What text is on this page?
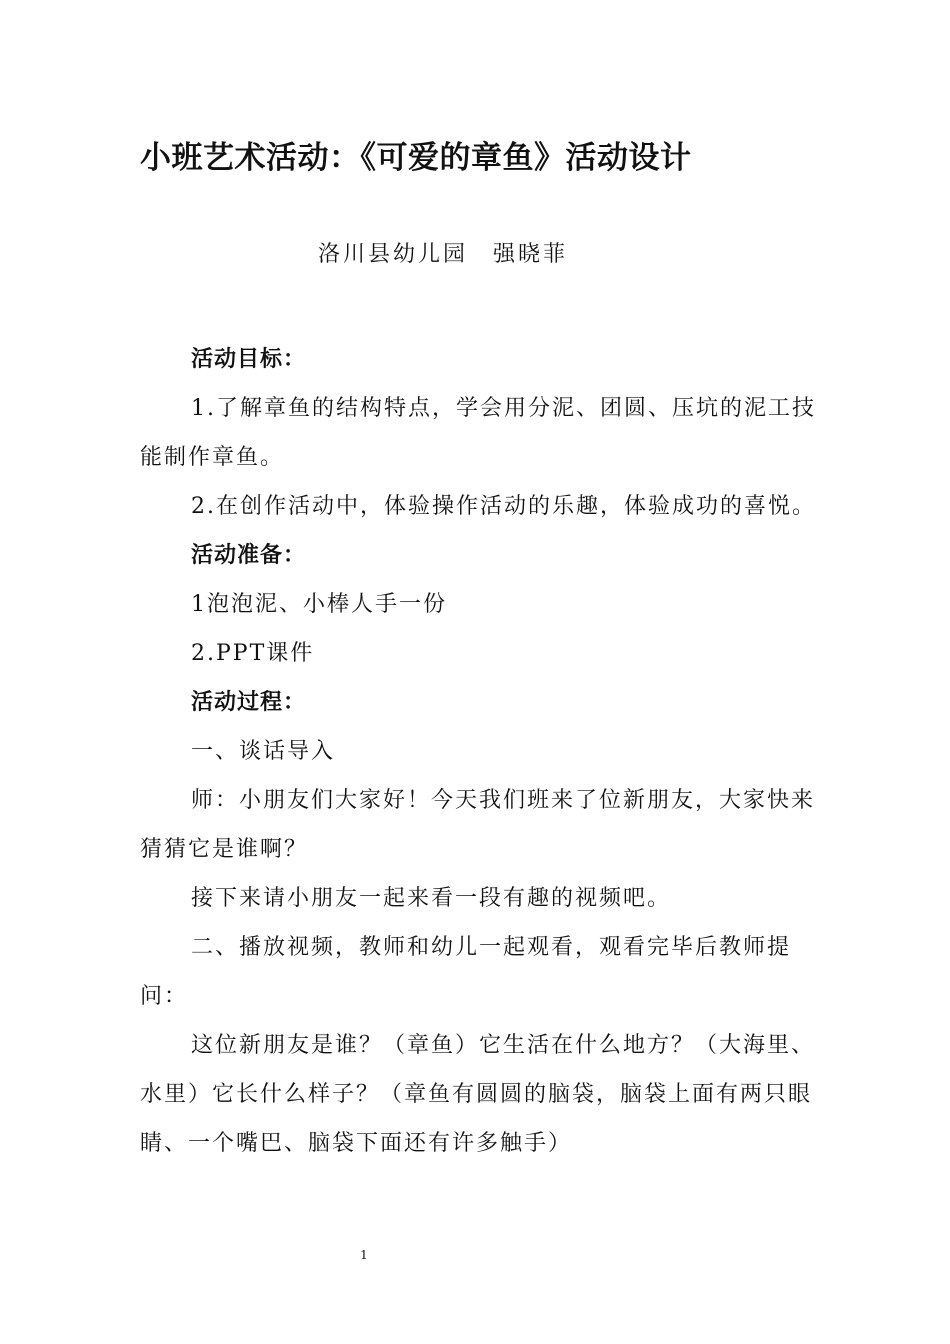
小班艺术活动：《可爱的章鱼》活动设计
洛川县幼儿园　强晓菲

活动目标：

1.了解章鱼的结构特点，学会用分泥、团圆、压坑的泥工技能制作章鱼。

2.在创作活动中，体验操作活动的乐趣，体验成功的喜悦。

活动准备：

1泡泡泥、小棒人手一份

2.PPT课件

活动过程：

一、谈话导入

师：小朋友们大家好！今天我们班来了位新朋友，大家快来猜猜它是谁啊？

接下来请小朋友一起来看一段有趣的视频吧。

二、播放视频，教师和幼儿一起观看，观看完毕后教师提问：

这位新朋友是谁？（章鱼）它生活在什么地方？（大海里、水里）它长什么样子？（章鱼有圆圆的脑袋，脑袋上面有两只眼睛、一个嘴巴、脑袋下面还有许多触手）

1
